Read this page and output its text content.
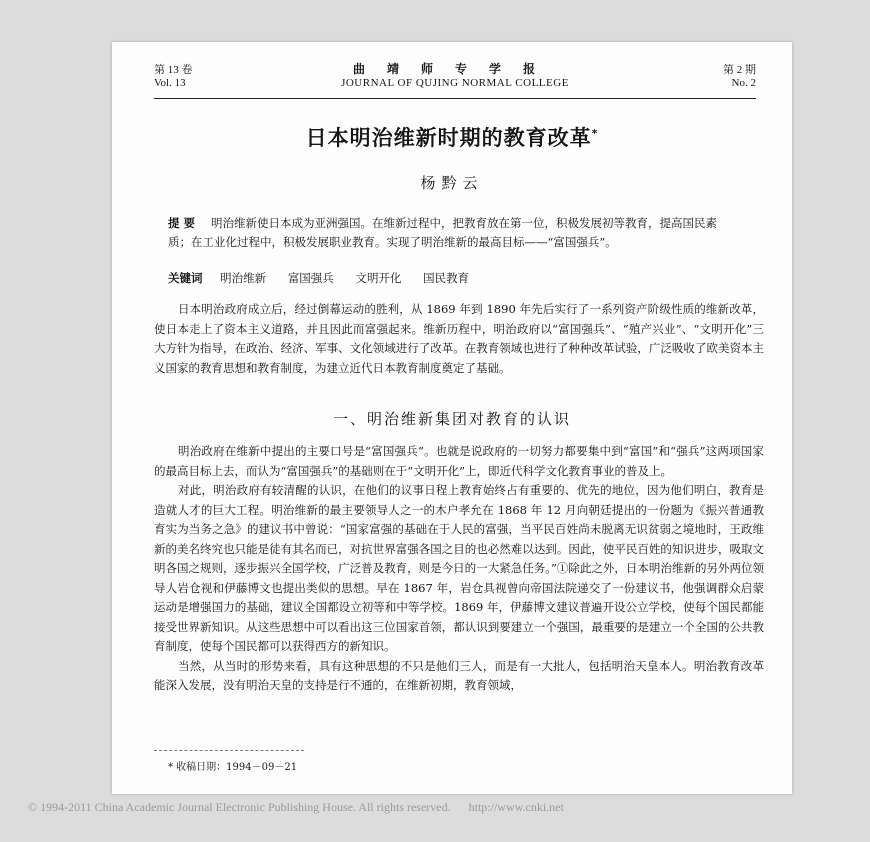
第 13 卷
Vol. 13
曲靖师专学报
JOURNAL OF QUJING NORMAL COLLEGE
第 2 期
No. 2
日本明治维新时期的教育改革*
杨黔云
提要 明治维新使日本成为亚洲强国。在维新过程中，把教育放在第一位，积极发展初等教育，提高国民素质；在工业化过程中，积极发展职业教育。实现了明治维新的最高目标——“富国强兵”。
关键词 明治维新 富国强兵 文明开化 国民教育

日本明治政府成立后，经过倒幕运动的胜利，从 1869 年到 1890 年先后实行了一系列资产阶级性质的维新改革，使日本走上了资本主义道路，并且因此而富强起来。维新历程中，明治政府以“富国强兵”、“殖产兴业”、“文明开化”三大方针为指导，在政治、经济、军事、文化领域进行了改革。在教育领域也进行了种种改革试验，广泛吸收了欧美资本主义国家的教育思想和教育制度，为建立近代日本教育制度奠定了基础。

一、明治维新集团对教育的认识

明治政府在维新中提出的主要口号是“富国强兵”。也就是说政府的一切努力都要集中到“富国”和“强兵”这两项国家的最高目标上去，而认为“富国强兵”的基础则在于“文明开化”上，即近代科学文化教育事业的普及上。

对此，明治政府有较清醒的认识，在他们的议事日程上教育始终占有重要的、优先的地位，因为他们明白，教育是造就人才的巨大工程。明治维新的最主要领导人之一的木户孝允在 1868 年 12 月向朝廷提出的一份题为《振兴普通教育实为当务之急》的建议书中曾说：“国家富强的基础在于人民的富强，当平民百姓尚未脱离无识贫弱之境地时，王政维新的美名终究也只能是徒有其名而已，对抗世界富强各国之目的也必然难以达到。因此，使平民百姓的知识进步，吸取文明各国之规则，逐步振兴全国学校，广泛普及教育，则是今日的一大紧急任务。”①除此之外，日本明治维新的另外两位领导人岩仓视和伊藤博文也提出类似的思想。早在 1867 年，岩仓具视曾向帝国法院递交了一份建议书，他强调群众启蒙运动是增强国力的基础，建议全国都设立初等和中等学校。1869 年，伊藤博文建议普遍开设公立学校，使每个国民都能接受世界新知识。从这些思想中可以看出这三位国家首领，都认识到要建立一个强国，最重要的是建立一个全国的公共教育制度，使每个国民都可以获得西方的新知识。

当然，从当时的形势来看，具有这种思想的不只是他们三人，而是有一大批人，包括明治天皇本人。明治教育改革能深入发展，没有明治天皇的支持是行不通的，在维新初期，教育领域，

* 收稿日期：1994－09－21
© 1994-2011 China Academic Journal Electronic Publishing House. All rights reserved. http://www.cnki.net
